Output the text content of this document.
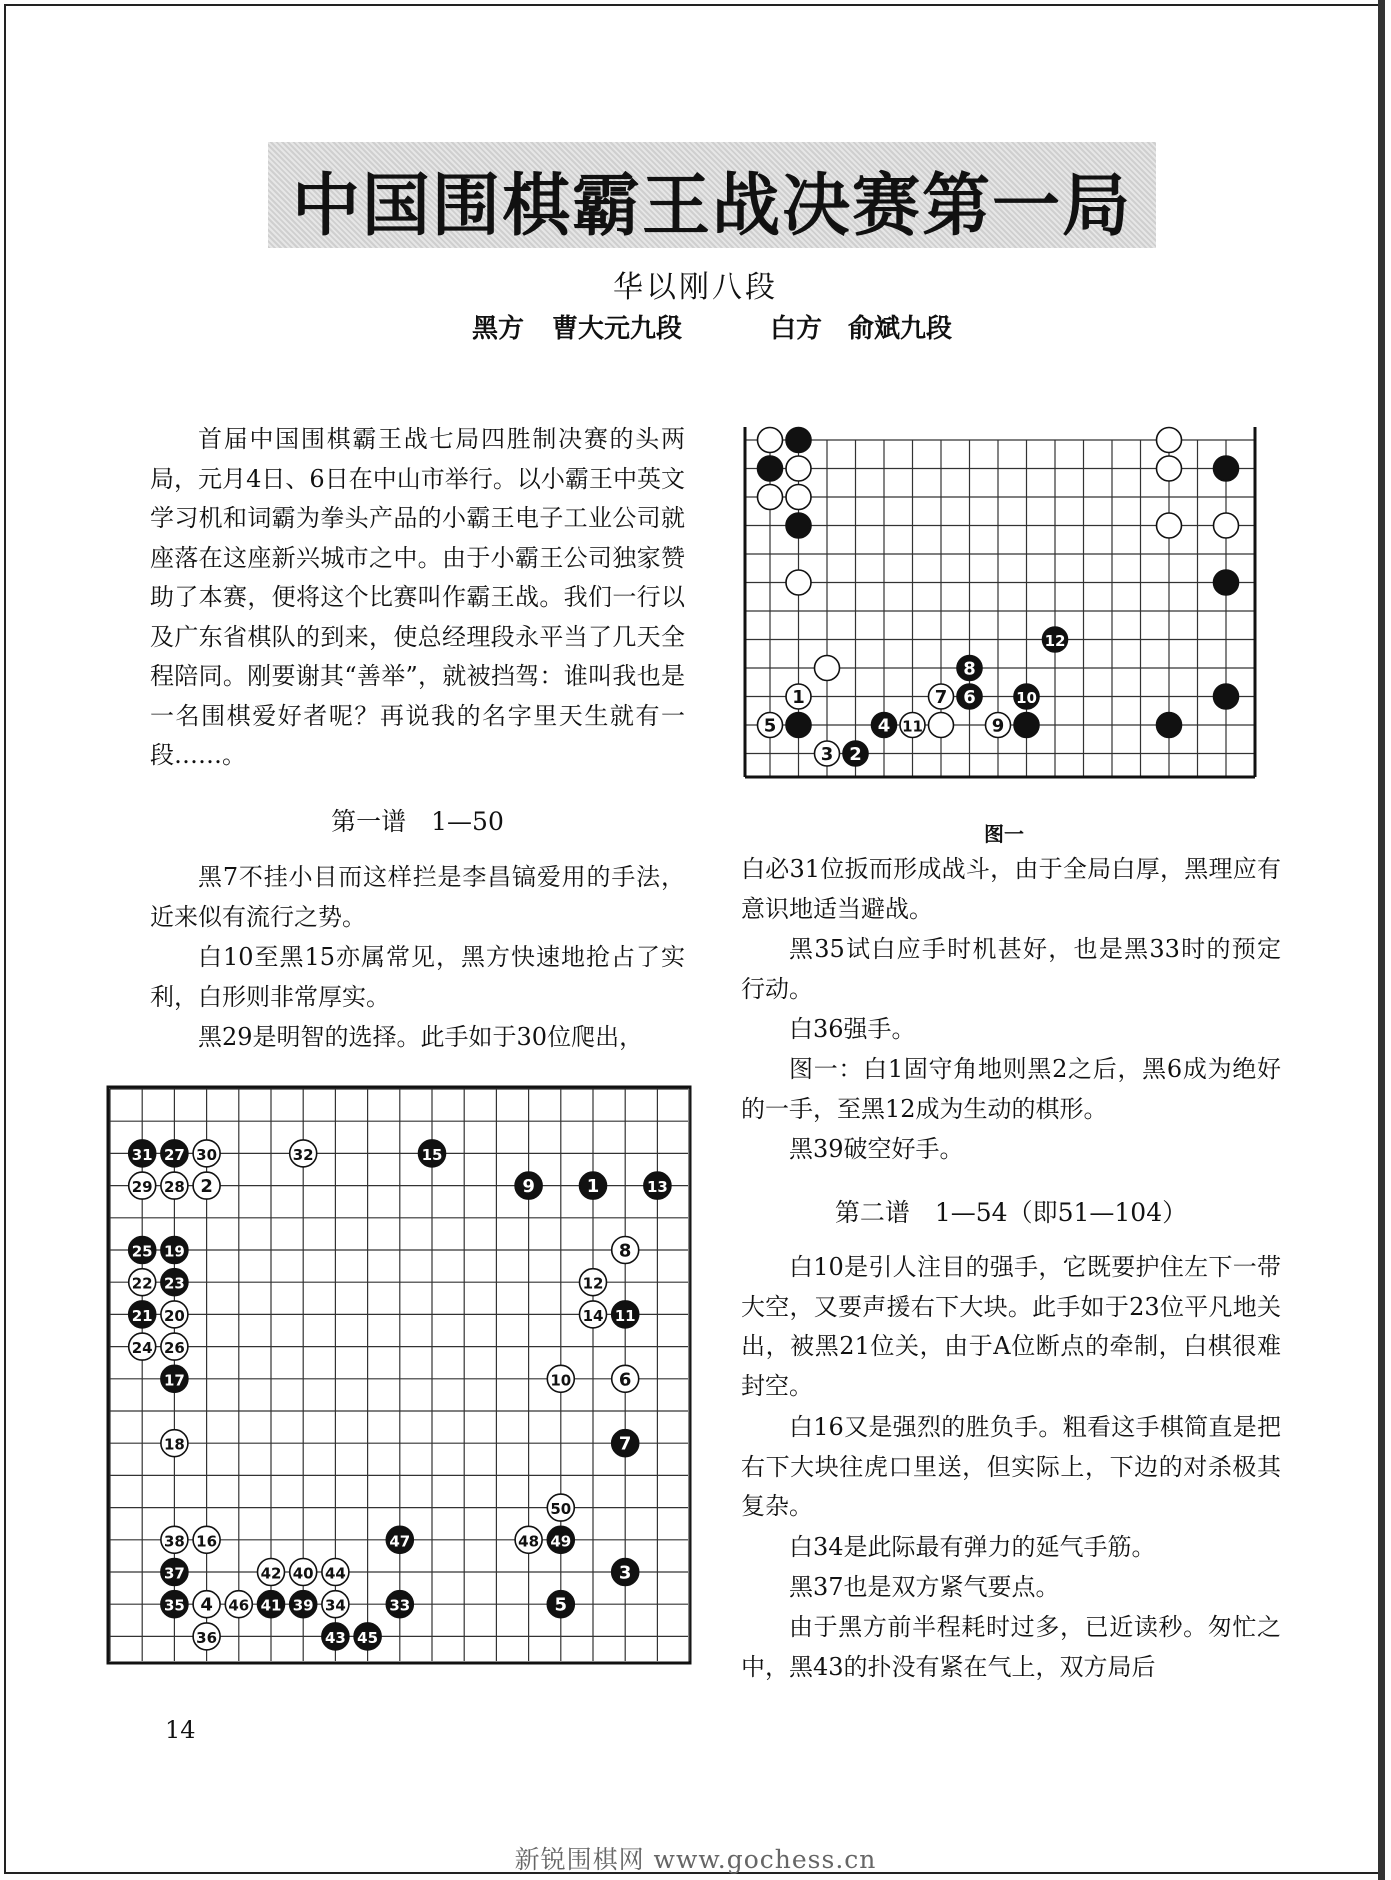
中国围棋霸王战决赛第一局
华以刚八段
黑方 曹大元九段	白方 俞斌九段
首届中国围棋霸王战七局四胜制决赛的头两局，元月4日、6日在中山市举行。以小霸王中英文学习机和词霸为拳头产品的小霸王电子工业公司就座落在这座新兴城市之中。由于小霸王公司独家赞助了本赛，便将这个比赛叫作霸王战。我们一行以及广东省棋队的到来，使总经理段永平当了几天全程陪同。刚要谢其“善举”，就被挡驾：谁叫我也是一名围棋爱好者呢？再说我的名字里天生就有一段……。
第一谱　1—50
黑7不挂小目而这样拦是李昌镐爱用的手法，近来似有流行之势。
白10至黑15亦属常见，黑方快速地抢占了实利，白形则非常厚实。
黑29是明智的选择。此手如于30位爬出，
图一
白必31位扳而形成战斗，由于全局白厚，黑理应有意识地适当避战。
黑35试白应手时机甚好，也是黑33时的预定行动。
白36强手。
图一：白1固守角地则黑2之后，黑6成为绝好的一手，至黑12成为生动的棋形。
黑39破空好手。
第二谱　1—54（即51—104）
白10是引人注目的强手，它既要护住左下一带大空，又要声援右下大块。此手如于23位平凡地关出，被黑21位关，由于A位断点的牵制，白棋很难封空。
白16又是强烈的胜负手。粗看这手棋简直是把右下大块往虎口里送，但实际上，下边的对杀极其复杂。
白34是此际最有弹力的延气手筋。
黑37也是双方紧气要点。
由于黑方前半程耗时过多，已近读秒。匆忙之中，黑43的扑没有紧在气上，双方局后
1
2
3
4
5
6
7
8
9
10
11
12
31 27 30	32	15
29 28 2	9	1	13
25 19	8
22 23	12
21 20	14 11
24 26
17	10	6
18	7
50
38 16	47	48 49
37	42 40 44	3
35 4 46 41 39 34	33	5
36	43 45
14
新锐围棋网 www.gochess.cn
